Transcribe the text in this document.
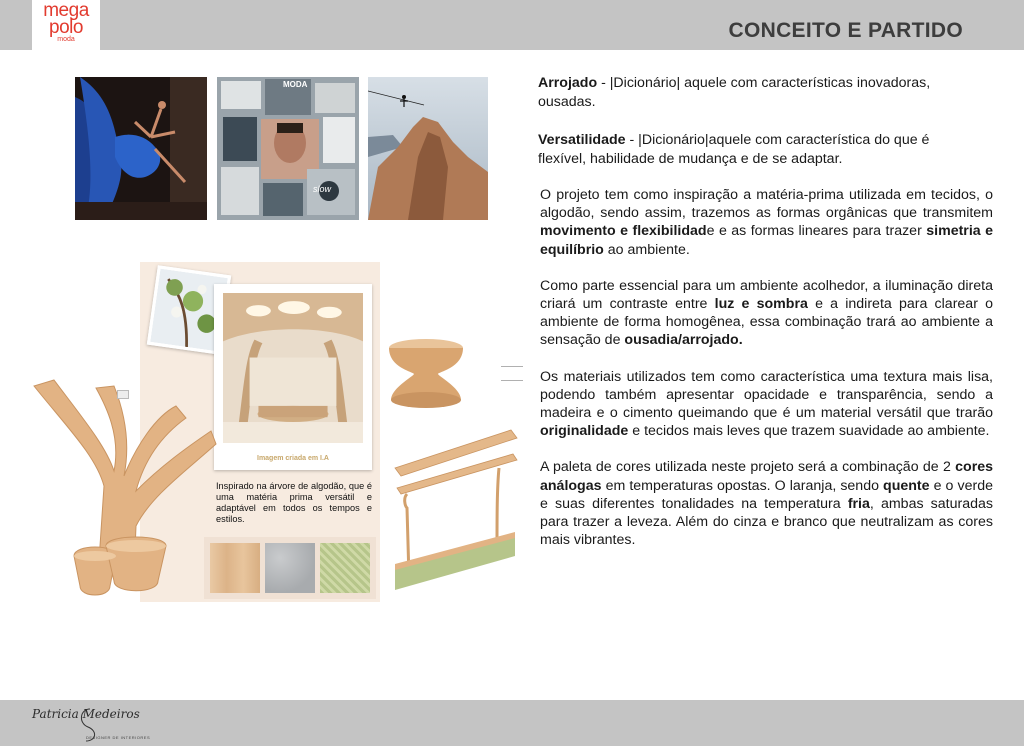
mega
polo
moda	CONCEITO E PARTIDO
MODA
slow

Arrojado - |Dicionário| aquele com características inovadoras, ousadas.

Versatilidade - |Dicionário|aquele com característica do que é flexível, habilidade de mudança e de se adaptar.

O projeto tem como inspiração a matéria-prima utilizada em tecidos, o algodão, sendo assim, trazemos as formas orgânicas que transmitem movimento e flexibilidade e as formas lineares para trazer simetria e equilíbrio ao ambiente.

Como parte essencial para um ambiente acolhedor, a iluminação direta criará um contraste entre luz e sombra e a indireta para clarear o ambiente de forma homogênea, essa combinação trará ao ambiente a sensação de ousadia/arrojado.

Os materiais utilizados tem como característica uma textura mais lisa, podendo também apresentar opacidade e transparência, sendo a madeira e o cimento queimando que é um material versátil que trarão originalidade e tecidos mais leves que trazem suavidade ao ambiente.

A paleta de cores utilizada neste projeto será a combinação de 2 cores análogas em temperaturas opostas. O laranja, sendo quente e o verde e suas diferentes tonalidades na temperatura fria, ambas saturadas para trazer a leveza. Além do cinza e branco que neutralizam as cores mais vibrantes.

Imagem criada em I.A
Inspirado na árvore de algodão, que é uma matéria prima versátil e adaptável em todos os tempos e estilos.
Patricia Medeiros
DESIGNER DE INTERIORES
